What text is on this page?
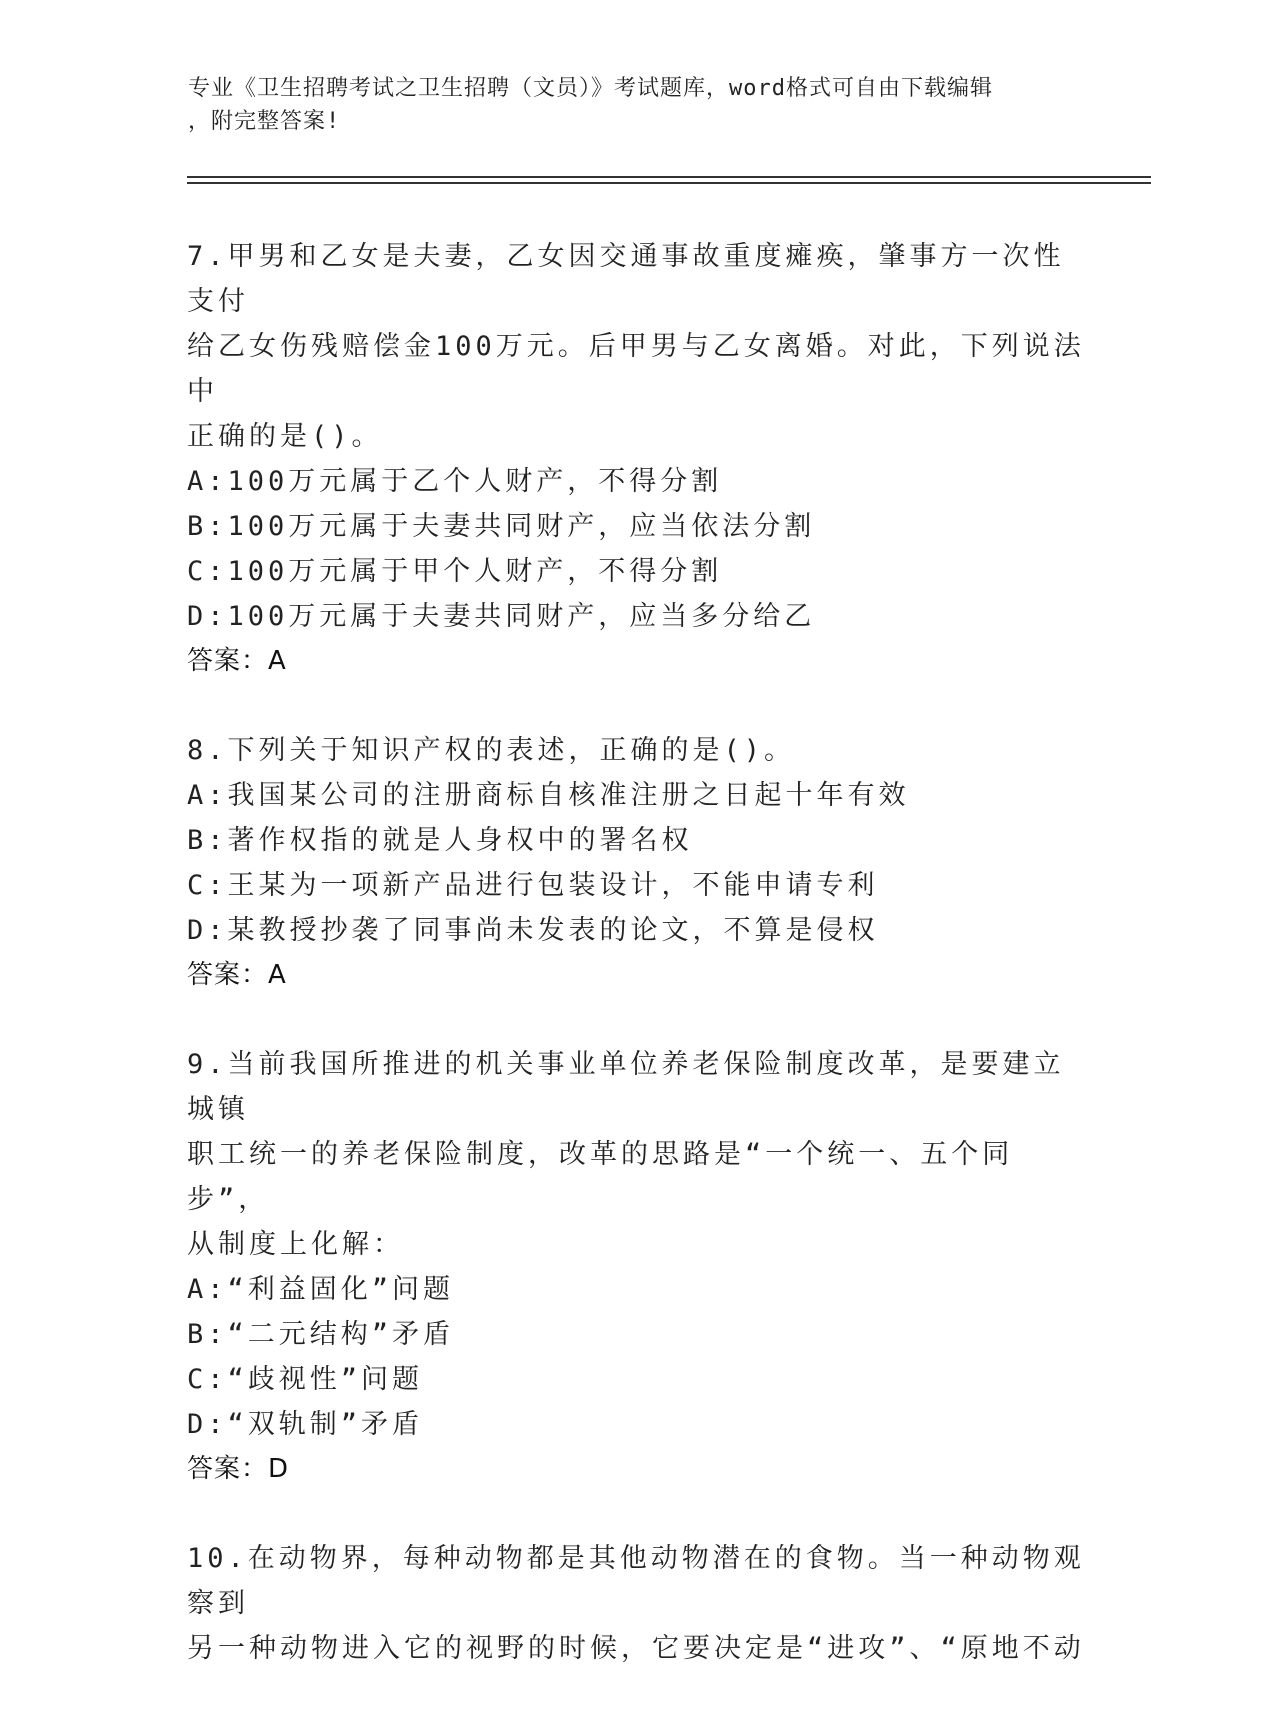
专业《卫生招聘考试之卫生招聘（文员）》考试题库，word格式可自由下载编辑
，附完整答案!
7.甲男和乙女是夫妻，乙女因交通事故重度瘫痪，肇事方一次性支付
给乙女伤残赔偿金100万元。后甲男与乙女离婚。对此，下列说法中
正确的是()。
A:100万元属于乙个人财产，不得分割
B:100万元属于夫妻共同财产，应当依法分割
C:100万元属于甲个人财产，不得分割
D:100万元属于夫妻共同财产，应当多分给乙
答案：A
8.下列关于知识产权的表述，正确的是()。
A:我国某公司的注册商标自核准注册之日起十年有效
B:著作权指的就是人身权中的署名权
C:王某为一项新产品进行包装设计，不能申请专利
D:某教授抄袭了同事尚未发表的论文，不算是侵权
答案：A
9.当前我国所推进的机关事业单位养老保险制度改革，是要建立城镇
职工统一的养老保险制度，改革的思路是“一个统一、五个同步”，
从制度上化解：
A:“利益固化”问题
B:“二元结构”矛盾
C:“歧视性”问题
D:“双轨制”矛盾
答案：D
10.在动物界，每种动物都是其他动物潜在的食物。当一种动物观察到
另一种动物进入它的视野的时候，它要决定是“进攻”、“原地不动
